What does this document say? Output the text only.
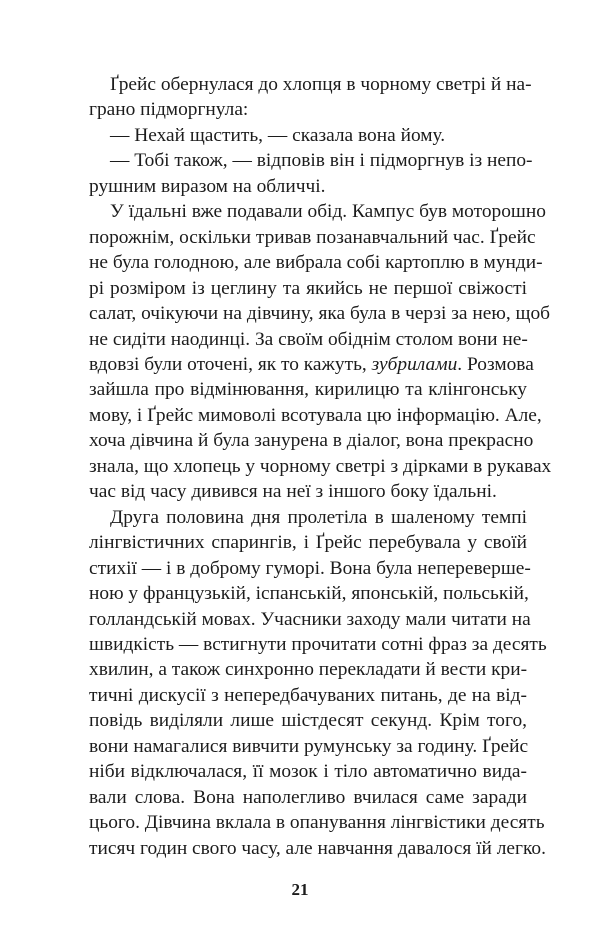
Ґрейс обернулася до хлопця в чорному светрі й на-
грано підморгнула:
— Нехай щастить, — сказала вона йому.
— Тобі також, — відповів він і підморгнув із непо-
рушним виразом на обличчі.
У їдальні вже подавали обід. Кампус був моторошно
порожнім, оскільки тривав позанавчальний час. Ґрейс
не була голодною, але вибрала собі картоплю в мунди-
рі розміром із цеглину та якийсь не першої свіжості
салат, очікуючи на дівчину, яка була в черзі за нею, щоб
не сидіти наодинці. За своїм обіднім столом вони не-
вдовзі були оточені, як то кажуть, зубрилами. Розмова
зайшла про відмінювання, кирилицю та клінгонську
мову, і Ґрейс мимоволі всотувала цю інформацію. Але,
хоча дівчина й була занурена в діалог, вона прекрасно
знала, що хлопець у чорному светрі з дірками в рукавах
час від часу дивився на неї з іншого боку їдальні.
Друга половина дня пролетіла в шаленому темпі
лінгвістичних спарингів, і Ґрейс перебувала у своїй
стихії — і в доброму гуморі. Вона була неперевершe-
ною у французькій, іспанській, японській, польській,
голландській мовах. Учасники заходу мали читати на
швидкість — встигнути прочитати сотні фраз за десять
хвилин, а також синхронно перекладати й вести кри-
тичні дискусії з непередбачуваних питань, де на від-
повідь виділяли лише шістдесят секунд. Крім того,
вони намагалися вивчити румунську за годину. Ґрейс
ніби відключалася, її мозок і тіло автоматично вида-
вали слова. Вона наполегливо вчилася саме заради
цього. Дівчина вклала в опанування лінгвістики десять
тисяч годин свого часу, але навчання давалося їй легко.
21
